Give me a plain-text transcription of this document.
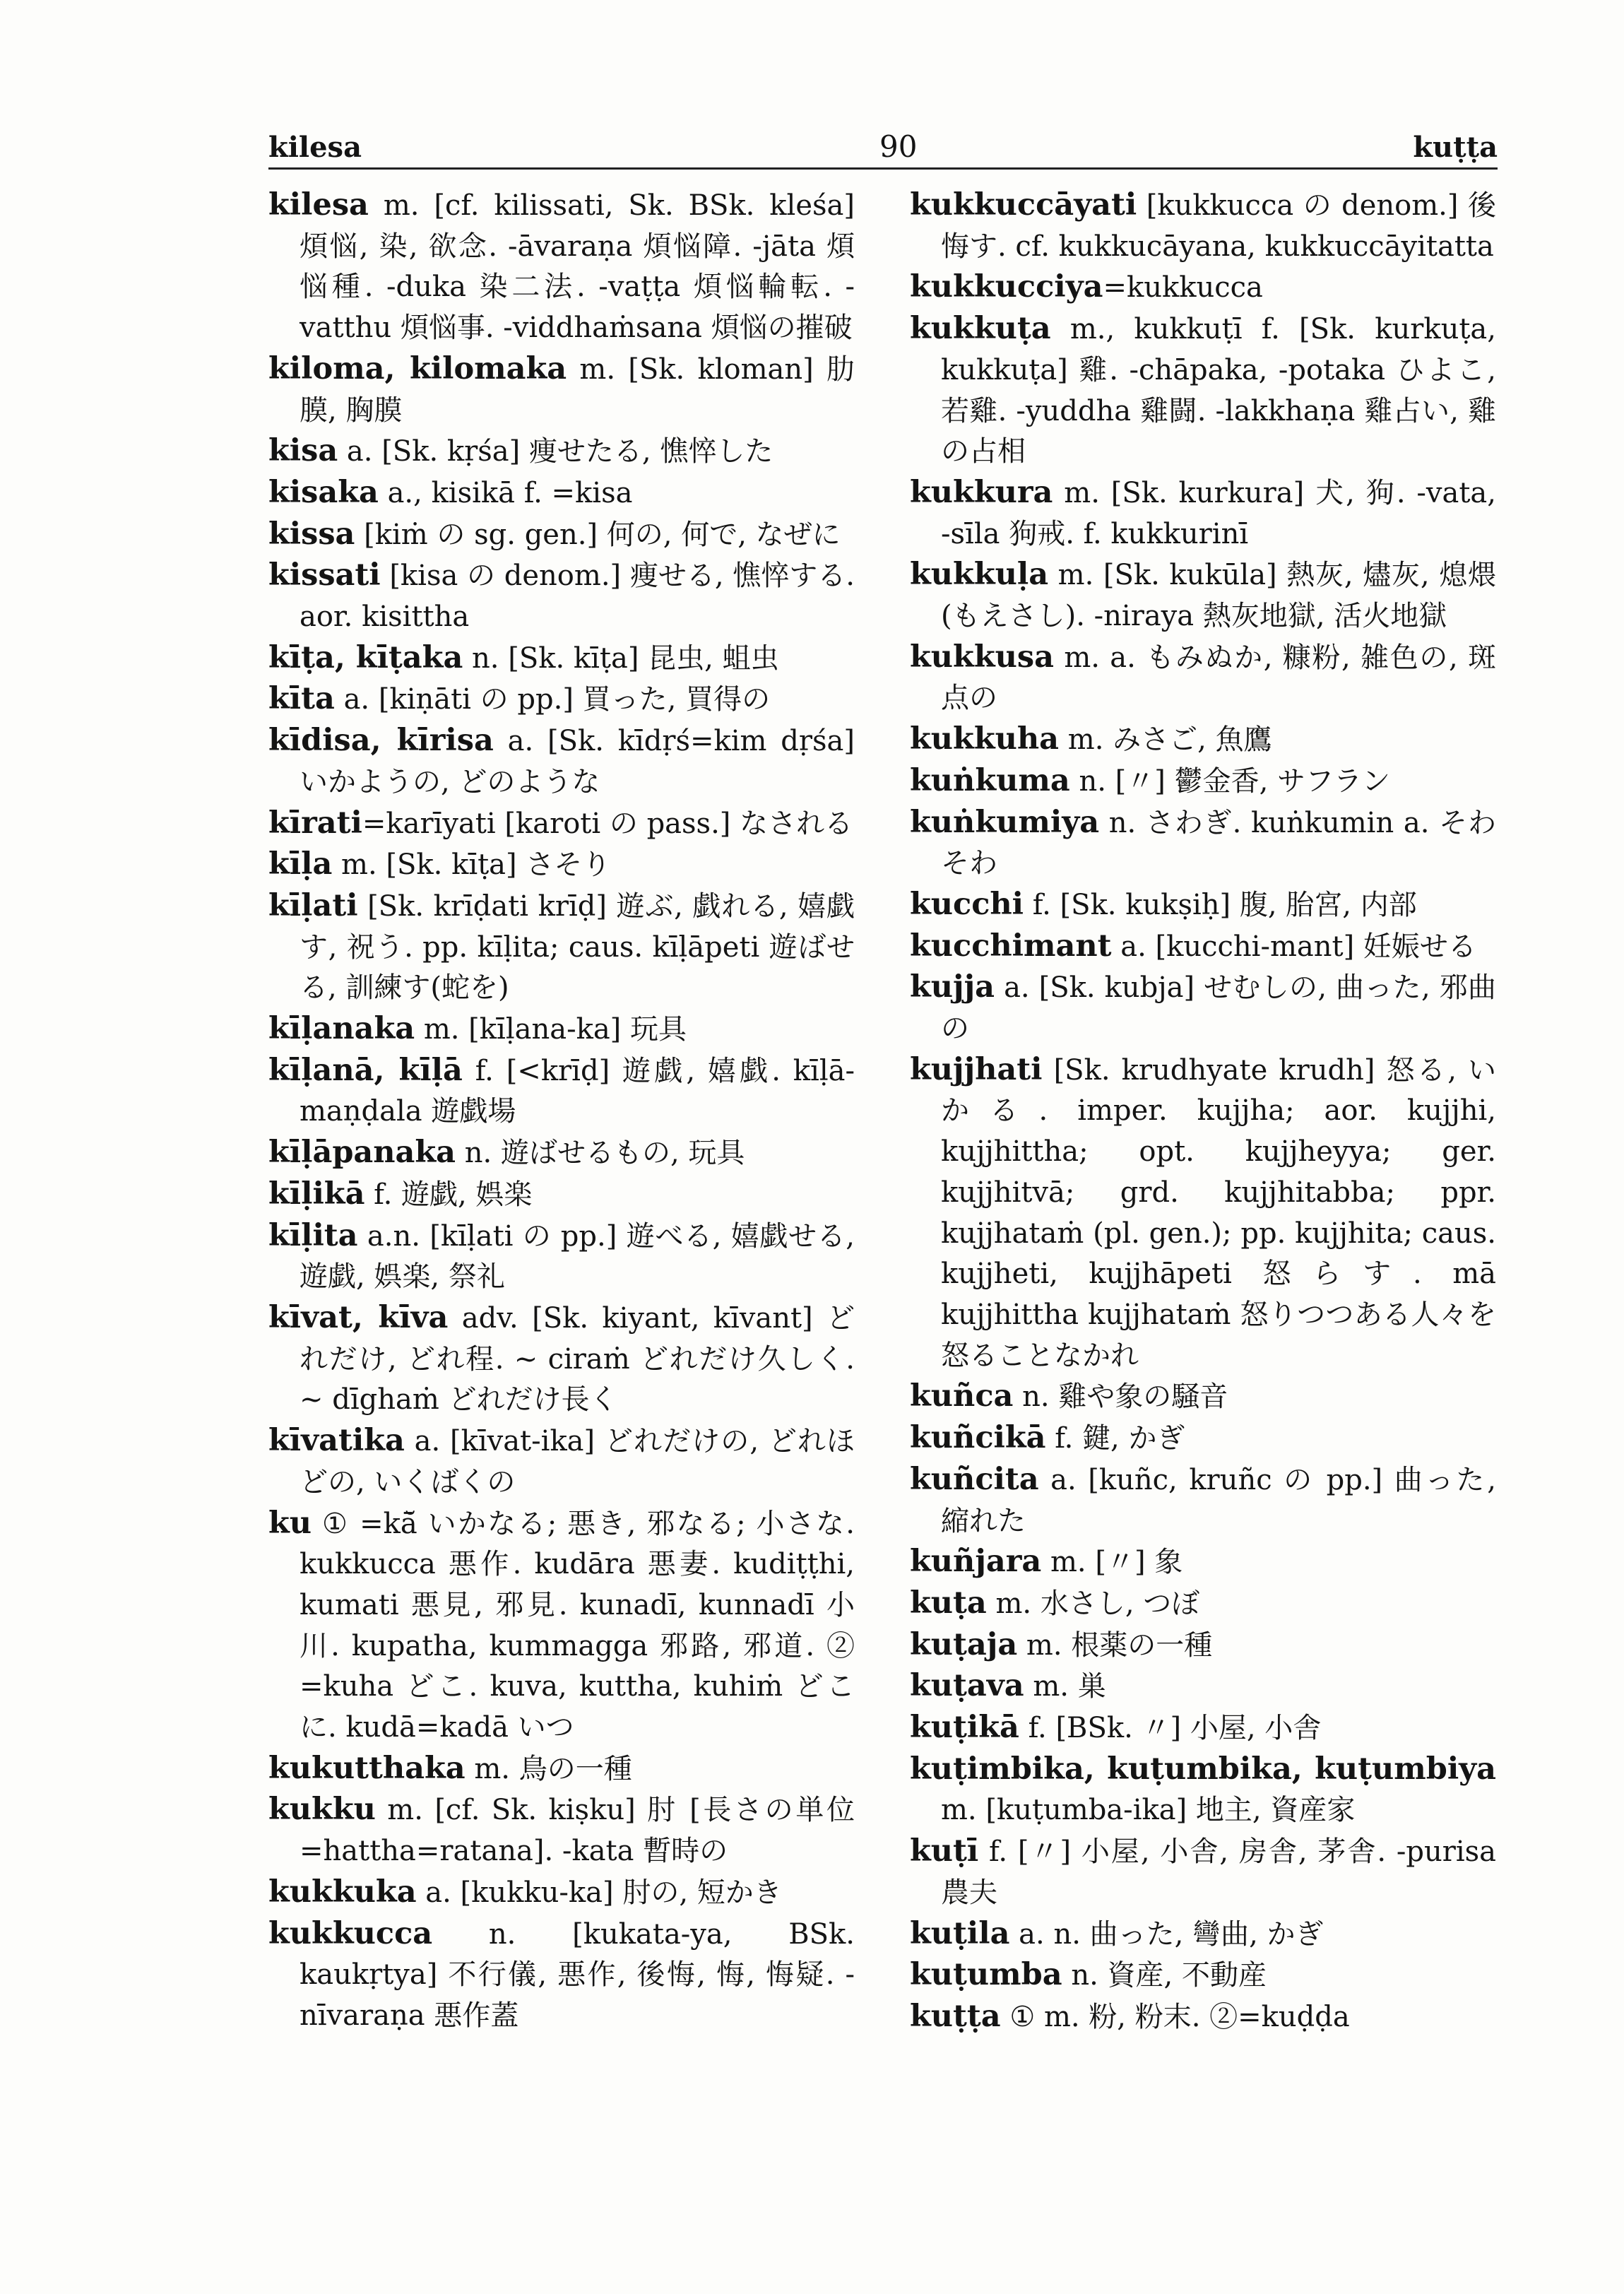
kilesa	90	kuṭṭa

kilesa m. [cf. kilissati, Sk. BSk. kleśa] 煩悩, 染, 欲念. -āvaraṇa 煩悩障. -jāta 煩悩種. -duka 染二法. -vaṭṭa 煩悩輪転. -vatthu 煩悩事. -viddhaṁsana 煩悩の摧破

kiloma, kilomaka m. [Sk. kloman] 肋膜, 胸膜

kisa a. [Sk. kṛśa] 痩せたる, 憔悴した

kisaka a., kisikā f. =kisa

kissa [kiṁ の sg. gen.] 何の, 何で, なぜに

kissati [kisa の denom.] 痩せる, 憔悴する. aor. kisittha

kīṭa, kīṭaka n. [Sk. kīṭa] 昆虫, 蛆虫

kīta a. [kiṇāti の pp.] 買った, 買得の

kīdisa, kīrisa a. [Sk. kīdṛś=kim dṛśa] いかようの, どのような

kīrati=karīyati [karoti の pass.] なされる

kīḷa m. [Sk. kīṭa] さそり

kīḷati [Sk. krīḍati krīḍ] 遊ぶ, 戯れる, 嬉戯す, 祝う. pp. kīḷita; caus. kīḷāpeti 遊ばせる, 訓練す(蛇を)

kīḷanaka m. [kīḷana-ka] 玩具

kīḷanā, kīḷā f. [<krīḍ] 遊戯, 嬉戯. kīḷā-maṇḍala 遊戯場

kīḷāpanaka n. 遊ばせるもの, 玩具

kīḷikā f. 遊戯, 娯楽

kīḷita a.n. [kīḷati の pp.] 遊べる, 嬉戯せる, 遊戯, 娯楽, 祭礼

kīvat, kīva adv. [Sk. kiyant, kīvant] どれだけ, どれ程. ~ ciraṁ どれだけ久しく. ~ dīghaṁ どれだけ長く

kīvatika a. [kīvat-ika] どれだけの, どれほどの, いくばくの

ku ① =kā̆ いかなる; 悪き, 邪なる; 小さな. kukkucca 悪作. kudāra 悪妻. kudiṭṭhi, kumati 悪見, 邪見. kunadī, kunnadī 小川. kupatha, kummagga 邪路, 邪道. ② =kuha どこ. kuva, kuttha, kuhiṁ どこに. kudā=kadā いつ

kukutthaka m. 鳥の一種

kukku m. [cf. Sk. kiṣku] 肘 [長さの単位=hattha=ratana]. -kata 暫時の

kukkuka a. [kukku-ka] 肘の, 短かき

kukkucca n. [kukata-ya, BSk. kaukṛtya] 不行儀, 悪作, 後悔, 悔, 悔疑. -nīvaraṇa 悪作蓋

kukkuccāyati [kukkucca の denom.] 後悔す. cf. kukkucāyana, kukkuccāyitatta

kukkucciya=kukkucca

kukkuṭa m., kukkuṭī f. [Sk. kurkuṭa, kukkuṭa] 雞. -chāpaka, -potaka ひよこ, 若雞. -yuddha 雞闘. -lakkhaṇa 雞占い, 雞の占相

kukkura m. [Sk. kurkura] 犬, 狗. -vata, -sīla 狗戒. f. kukkurinī

kukkuḷa m. [Sk. kukūla] 熱灰, 燼灰, 熄煨(もえさし). -niraya 熱灰地獄, 活火地獄

kukkusa m. a. もみぬか, 糠粉, 雑色の, 斑点の

kukkuha m. みさご, 魚鷹

kuṅkuma n. [〃] 鬱金香, サフラン

kuṅkumiya n. さわぎ. kuṅkumin a. そわそわ

kucchi f. [Sk. kukṣiḥ] 腹, 胎宮, 内部

kucchimant a. [kucchi-mant] 妊娠せる

kujja a. [Sk. kubja] せむしの, 曲った, 邪曲の

kujjhati [Sk. krudhyate krudh] 怒る, いかる. imper. kujjha; aor. kujjhi, kujjhittha; opt. kujjheyya; ger. kujjhitvā; grd. kujjhitabba; ppr. kujjhataṁ (pl. gen.); pp. kujjhita; caus. kujjheti, kujjhāpeti 怒らす. mā kujjhittha kujjhataṁ 怒りつつある人々を怒ることなかれ

kuñca n. 雞や象の騒音

kuñcikā f. 鍵, かぎ

kuñcita a. [kuñc, kruñc の pp.] 曲った, 縮れた

kuñjara m. [〃] 象

kuṭa m. 水さし, つぼ

kuṭaja m. 根薬の一種

kuṭava m. 巣

kuṭikā f. [BSk. 〃] 小屋, 小舎

kuṭimbika, kuṭumbika, kuṭumbiya m. [kuṭumba-ika] 地主, 資産家

kuṭī f. [〃] 小屋, 小舎, 房舎, 茅舎. -purisa 農夫

kuṭila a. n. 曲った, 彎曲, かぎ

kuṭumba n. 資産, 不動産

kuṭṭa ① m. 粉, 粉末. ②=kuḍḍa
